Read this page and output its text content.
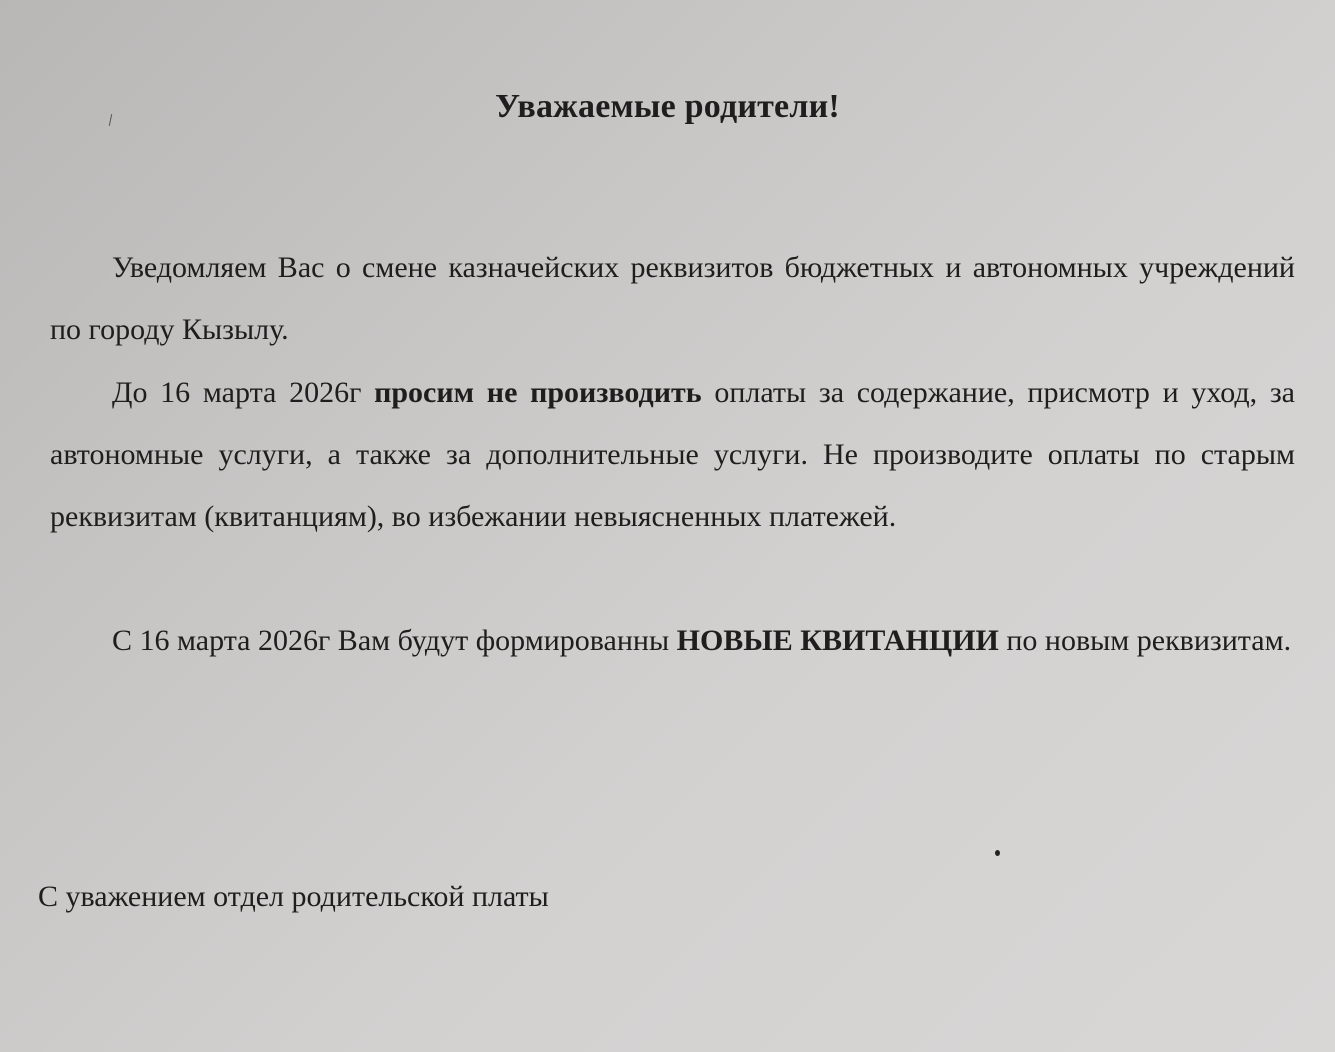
Уважаемые родители!
Уведомляем Вас о смене казначейских реквизитов бюджетных и автономных учреждений по городу Кызылу.
До 16 марта 2026г просим не производить оплаты за содержание, присмотр и уход, за автономные услуги, а также за дополнительные услуги. Не производите оплаты по старым реквизитам (квитанциям), во избежании невыясненных платежей.
С 16 марта 2026г Вам будут формированны НОВЫЕ КВИТАНЦИИ по новым реквизитам.
С уважением отдел родительской платы
